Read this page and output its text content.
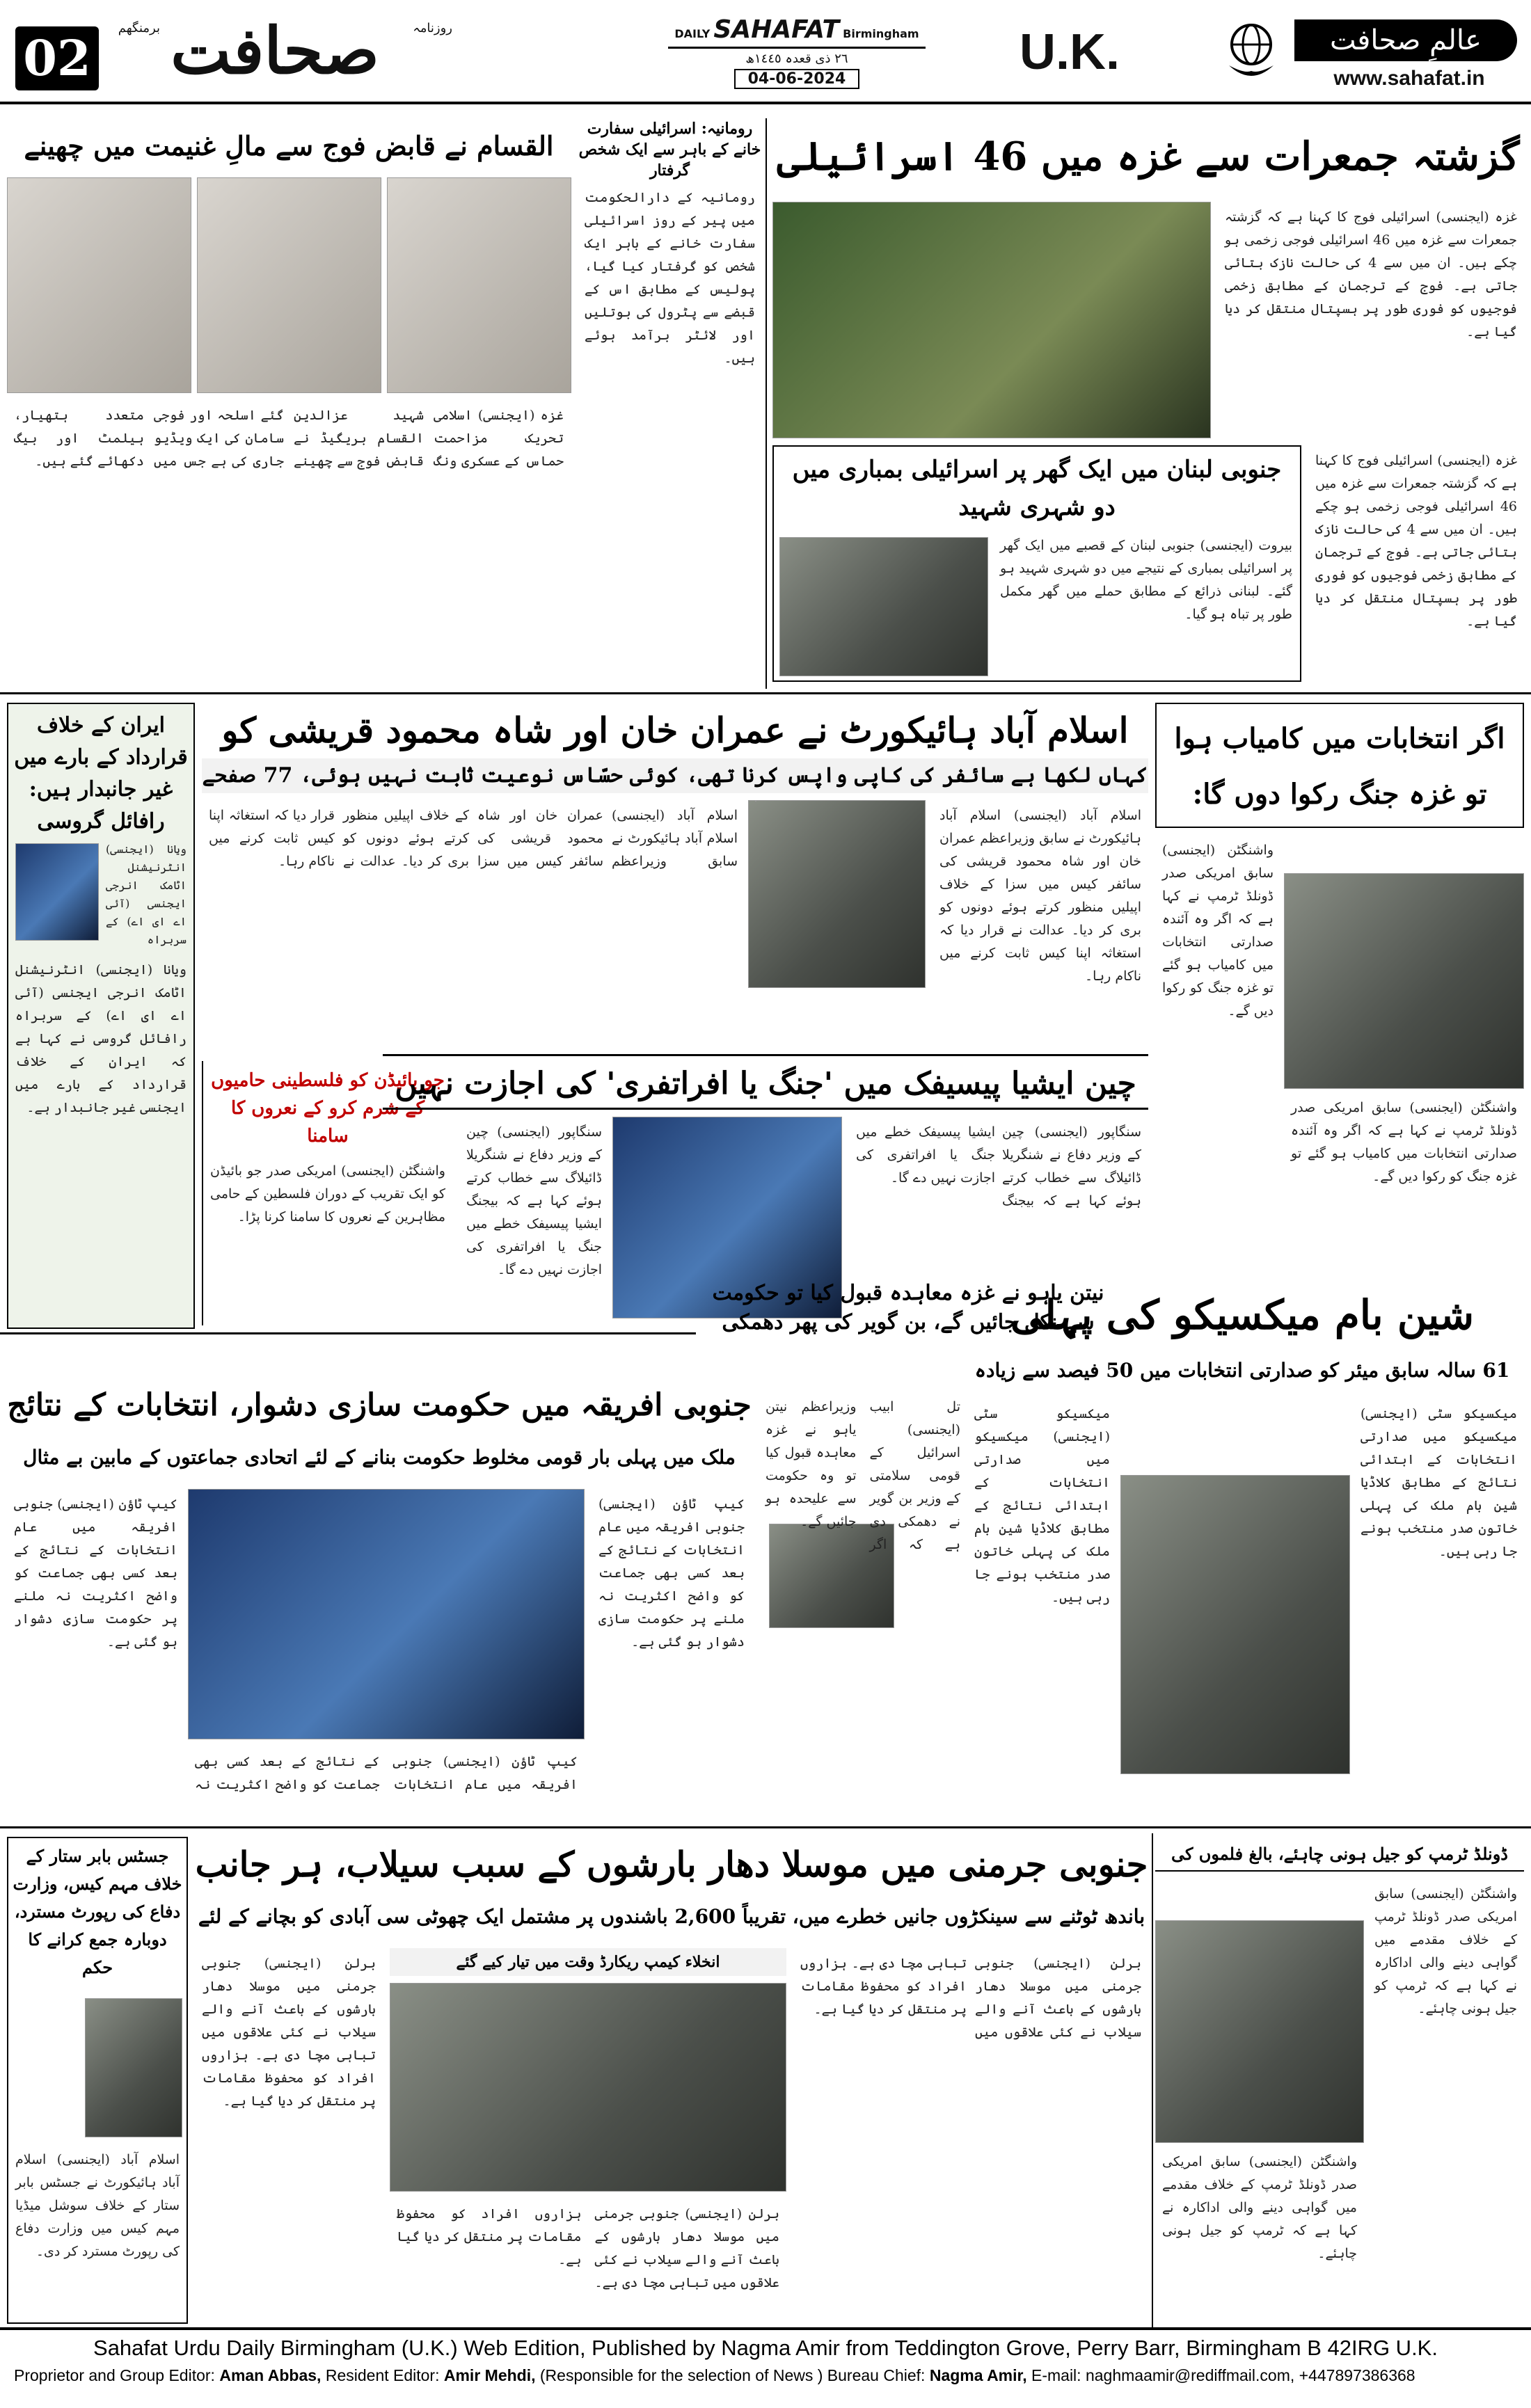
02 صحافت	روزنامہ
برمنگھم	DAILY SAHAFAT Birmingham
٢٦ ذی قعدہ ١٤٤٥ھ
04-06-2024	U.K.	عالمِ صحافت
www.sahafat.in
گزشتہ جمعرات سے غزہ میں 46 اسرائیلی
غزہ (ایجنسی) اسرائیلی فوج کا کہنا ہے کہ گزشتہ جمعرات سے غزہ میں 46 اسرائیلی فوجی زخمی ہو چکے ہیں۔ ان میں سے 4 کی حالت نازک بتائی جاتی ہے۔ فوج کے ترجمان کے مطابق زخمی فوجیوں کو فوری طور پر ہسپتال منتقل کر دیا گیا ہے۔
غزہ (ایجنسی) اسرائیلی فوج کا کہنا ہے کہ گزشتہ جمعرات سے غزہ میں 46 اسرائیلی فوجی زخمی ہو چکے ہیں۔ ان میں سے 4 کی حالت نازک بتائی جاتی ہے۔ فوج کے ترجمان کے مطابق زخمی فوجیوں کو فوری طور پر ہسپتال منتقل کر دیا گیا ہے۔
رومانیہ: اسرائیلی سفارت خانے کے باہر سے ایک شخص گرفتار
رومانیہ کے دارالحکومت میں پیر کے روز اسرائیلی سفارت خانے کے باہر ایک شخص کو گرفتار کیا گیا، پولیس کے مطابق اس کے قبضے سے پٹرول کی بوتلیں اور لائٹر برآمد ہوئے ہیں۔
القسام نے قابض فوج سے مالِ غنیمت میں چھینے
غزہ (ایجنسی) اسلامی تحریک مزاحمت حماس کے عسکری ونگ شہید عزالدین القسام بریگیڈ نے قابض فوج سے چھینے گئے اسلحہ اور فوجی سامان کی ایک ویڈیو جاری کی ہے جس میں متعدد ہتھیار، ہیلمٹ اور بیگ دکھائے گئے ہیں۔	جنوبی لبنان میں ایک گھر پر اسرائیلی بمباری میں دو شہری شہید
بیروت (ایجنسی) جنوبی لبنان کے قصبے میں ایک گھر پر اسرائیلی بمباری کے نتیجے میں دو شہری شہید ہو گئے۔ لبنانی ذرائع کے مطابق حملے میں گھر مکمل طور پر تباہ ہو گیا۔
اگر انتخابات میں کامیاب ہوا تو غزہ جنگ رکوا دوں گا:
واشنگٹن (ایجنسی) سابق امریکی صدر ڈونلڈ ٹرمپ نے کہا ہے کہ اگر وہ آئندہ صدارتی انتخابات میں کامیاب ہو گئے تو غزہ جنگ کو رکوا دیں گے۔
واشنگٹن (ایجنسی) سابق امریکی صدر ڈونلڈ ٹرمپ نے کہا ہے کہ اگر وہ آئندہ صدارتی انتخابات میں کامیاب ہو گئے تو غزہ جنگ کو رکوا دیں گے۔
اسلام آباد ہائیکورٹ نے عمران خان اور شاہ محمود قریشی کو
کہاں لکھا ہے سائفر کی کاپی واپس کرنا تھی، کوئی حسّاس نوعیت ثابت نہیں ہوئی، 77 صفحے
اسلام آباد (ایجنسی) اسلام آباد ہائیکورٹ نے سابق وزیراعظم عمران خان اور شاہ محمود قریشی کی سائفر کیس میں سزا کے خلاف اپیلیں منظور کرتے ہوئے دونوں کو بری کر دیا۔ عدالت نے قرار دیا کہ استغاثہ اپنا کیس ثابت کرنے میں ناکام رہا۔
اسلام آباد (ایجنسی) اسلام آباد ہائیکورٹ نے سابق وزیراعظم عمران خان اور شاہ محمود قریشی کی سائفر کیس میں سزا کے خلاف اپیلیں منظور کرتے ہوئے دونوں کو بری کر دیا۔ عدالت نے قرار دیا کہ استغاثہ اپنا کیس ثابت کرنے میں ناکام رہا۔
ایران کے خلاف قرارداد کے بارے میں غیر جانبدار ہیں: رافائل گروسی
ویانا (ایجنسی) انٹرنیشنل اٹامک انرجی ایجنسی (آئی اے ای اے) کے سربراہ
ویانا (ایجنسی) انٹرنیشنل اٹامک انرجی ایجنسی (آئی اے ای اے) کے سربراہ رافائل گروسی نے کہا ہے کہ ایران کے خلاف قرارداد کے بارے میں ایجنسی غیر جانبدار ہے۔
جو بائیڈن کو فلسطینی حامیوں کے شرم کرو کے نعروں کا سامنا
واشنگٹن (ایجنسی) امریکی صدر جو بائیڈن کو ایک تقریب کے دوران فلسطین کے حامی مظاہرین کے نعروں کا سامنا کرنا پڑا۔
چین ایشیا پیسیفک میں 'جنگ یا افراتفری' کی اجازت نہیں
سنگاپور (ایجنسی) چین کے وزیر دفاع نے شنگریلا ڈائیلاگ سے خطاب کرتے ہوئے کہا ہے کہ بیجنگ ایشیا پیسیفک خطے میں جنگ یا افراتفری کی اجازت نہیں دے گا۔
سنگاپور (ایجنسی) چین کے وزیر دفاع نے شنگریلا ڈائیلاگ سے خطاب کرتے ہوئے کہا ہے کہ بیجنگ ایشیا پیسیفک خطے میں جنگ یا افراتفری کی اجازت نہیں دے گا۔
نیتن یاہو نے غزہ معاہدہ قبول کیا تو حکومت سے نکل جائیں گے، بن گویر کی پھر دھمکی	شین بام میکسیکو کی پہلی
61 سالہ سابق میئر کو صدارتی انتخابات میں 50 فیصد سے زیادہ
جنوبی افریقہ میں حکومت سازی دشوار، انتخابات کے نتائج
ملک میں پہلی بار قومی مخلوط حکومت بنانے کے لئے اتحادی جماعتوں کے مابین بے مثال
کیپ ٹاؤن (ایجنسی) جنوبی افریقہ میں عام انتخابات کے نتائج کے بعد کسی بھی جماعت کو واضح اکثریت نہ ملنے پر حکومت سازی دشوار ہو گئی ہے۔
کیپ ٹاؤن (ایجنسی) جنوبی افریقہ میں عام انتخابات کے نتائج کے بعد کسی بھی جماعت کو واضح اکثریت نہ ملنے پر حکومت سازی دشوار ہو گئی ہے۔
کیپ ٹاؤن (ایجنسی) جنوبی افریقہ میں عام انتخابات کے نتائج کے بعد کسی بھی جماعت کو واضح اکثریت نہ
تل ابیب (ایجنسی) اسرائیل کے قومی سلامتی کے وزیر بن گویر نے دھمکی دی ہے کہ اگر وزیراعظم نیتن یاہو نے غزہ معاہدہ قبول کیا تو وہ حکومت سے علیحدہ ہو جائیں گے۔
میکسیکو سٹی (ایجنسی) میکسیکو میں صدارتی انتخابات کے ابتدائی نتائج کے مطابق کلاڈیا شین بام ملک کی پہلی خاتون صدر منتخب ہونے جا رہی ہیں۔
میکسیکو سٹی (ایجنسی) میکسیکو میں صدارتی انتخابات کے ابتدائی نتائج کے مطابق کلاڈیا شین بام ملک کی پہلی خاتون صدر منتخب ہونے جا رہی ہیں۔
جسٹس بابر ستار کے خلاف مہم کیس، وزارت دفاع کی رپورٹ مسترد، دوبارہ جمع کرانے کا حکم
اسلام آباد (ایجنسی) اسلام آباد ہائیکورٹ نے جسٹس بابر ستار کے خلاف سوشل میڈیا مہم کیس میں وزارت دفاع کی رپورٹ مسترد کر دی۔
جنوبی جرمنی میں موسلا دھار بارشوں کے سبب سیلاب، ہر جانب
باندھ ٹوٹنے سے سینکڑوں جانیں خطرے میں، تقریباً 2,600 باشندوں پر مشتمل ایک چھوٹی سی آبادی کو بچانے کے لئے
انخلاء کیمپ ریکارڈ وقت میں تیار کیے گئے	برلن (ایجنسی) جنوبی جرمنی میں موسلا دھار بارشوں کے باعث آنے والے سیلاب نے کئی علاقوں میں تباہی مچا دی ہے۔ ہزاروں افراد کو محفوظ مقامات پر منتقل کر دیا گیا ہے۔
برلن (ایجنسی) جنوبی جرمنی میں موسلا دھار بارشوں کے باعث آنے والے سیلاب نے کئی علاقوں میں تباہی مچا دی ہے۔ ہزاروں افراد کو محفوظ مقامات پر منتقل کر دیا گیا ہے۔
برلن (ایجنسی) جنوبی جرمنی میں موسلا دھار بارشوں کے باعث آنے والے سیلاب نے کئی علاقوں میں تباہی مچا دی ہے۔ ہزاروں افراد کو محفوظ مقامات پر منتقل کر دیا گیا ہے۔
ڈونلڈ ٹرمپ کو جیل ہونی چاہئے، بالغ فلموں کی
واشنگٹن (ایجنسی) سابق امریکی صدر ڈونلڈ ٹرمپ کے خلاف مقدمے میں گواہی دینے والی اداکارہ نے کہا ہے کہ ٹرمپ کو جیل ہونی چاہئے۔
واشنگٹن (ایجنسی) سابق امریکی صدر ڈونلڈ ٹرمپ کے خلاف مقدمے میں گواہی دینے والی اداکارہ نے کہا ہے کہ ٹرمپ کو جیل ہونی چاہئے۔
Sahafat Urdu Daily Birmingham (U.K.) Web Edition, Published by Nagma Amir from Teddington Grove, Perry Barr, Birmingham B 42IRG U.K.
Proprietor and Group Editor: Aman Abbas, Resident Editor: Amir Mehdi, (Responsible for the selection of News ) Bureau Chief: Nagma Amir, E-mail: naghmaamir@rediffmail.com, +447897386368
